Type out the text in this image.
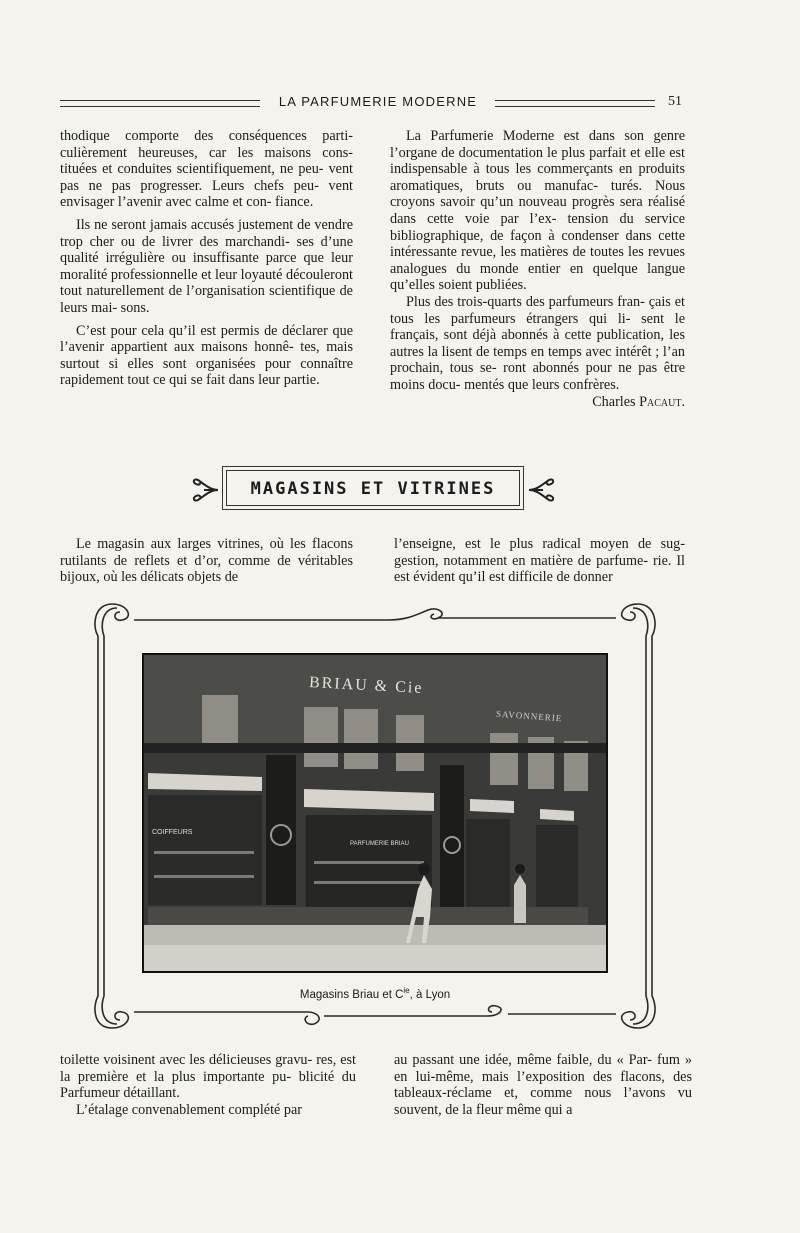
LA PARFUMERIE MODERNE	51

thodique comporte des conséquences parti- culièrement heureuses, car les maisons cons- tituées et conduites scientifiquement, ne peu- vent pas ne pas progresser. Leurs chefs peu- vent envisager l’avenir avec calme et con- fiance.

Ils ne seront jamais accusés justement de vendre trop cher ou de livrer des marchandi- ses d’une qualité irrégulière ou insuffisante parce que leur moralité professionnelle et leur loyauté découleront tout naturellement de l’organisation scientifique de leurs mai- sons.

C’est pour cela qu’il est permis de déclarer que l’avenir appartient aux maisons honnê- tes, mais surtout si elles sont organisées pour connaître rapidement tout ce qui se fait dans leur partie.

La Parfumerie Moderne est dans son genre l’organe de documentation le plus parfait et elle est indispensable à tous les commerçants en produits aromatiques, bruts ou manufac- turés. Nous croyons savoir qu’un nouveau progrès sera réalisé dans cette voie par l’ex- tension du service bibliographique, de façon à condenser dans cette intéressante revue, les matières de toutes les revues analogues du monde entier en quelque langue qu’elles soient publiées.

Plus des trois-quarts des parfumeurs fran- çais et tous les parfumeurs étrangers qui li- sent le français, sont déjà abonnés à cette publication, les autres la lisent de temps en temps avec intérêt ; l’an prochain, tous se- ront abonnés pour ne pas être moins docu- mentés que leurs confrères.

Charles Pacaut.

MAGASINS ET VITRINES

Le magasin aux larges vitrines, où les flacons rutilants de reflets et d’or, comme de véritables bijoux, où les délicats objets de

l’enseigne, est le plus radical moyen de sug- gestion, notamment en matière de parfume- rie. Il est évident qu’il est difficile de donner

BRIAU & Cie
SAVONNERIE
COIFFEURS
PARFUMERIE BRIAU
Magasins Briau et $C^{ie}$, à Lyon

toilette voisinent avec les délicieuses gravu- res, est la première et la plus importante pu- blicité du Parfumeur détaillant.

L’étalage convenablement complété par

au passant une idée, même faible, du « Par- fum » en lui-même, mais l’exposition des flacons, des tableaux-réclame et, comme nous l’avons vu souvent, de la fleur même qui a
